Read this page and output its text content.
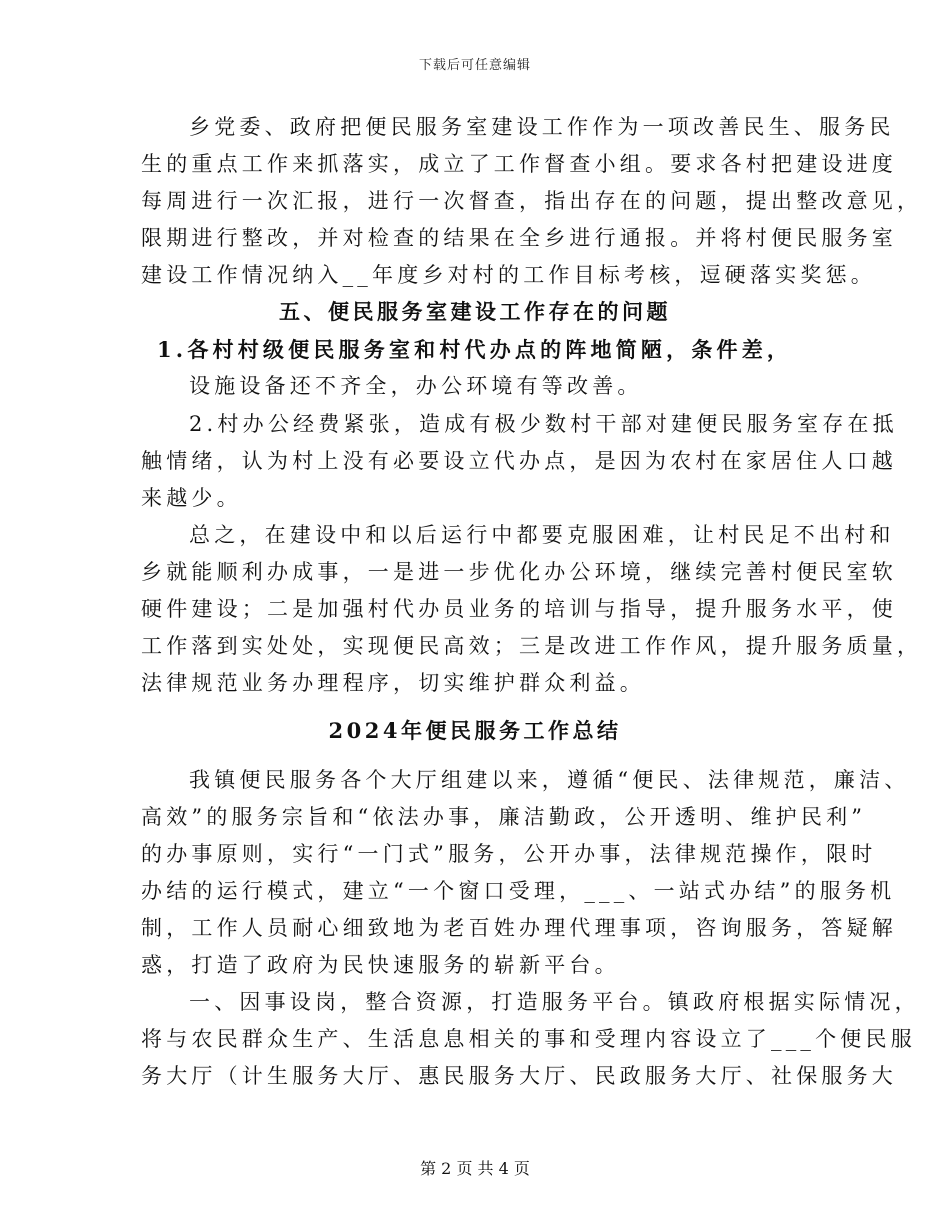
下载后可任意编辑
乡党委、政府把便民服务室建设工作作为一项改善民生、服务民
生的重点工作来抓落实，成立了工作督查小组。要求各村把建设进度
每周进行一次汇报，进行一次督查，指出存在的问题，提出整改意见，
限期进行整改，并对检查的结果在全乡进行通报。并将村便民服务室
建设工作情况纳入__年度乡对村的工作目标考核，逗硬落实奖惩。
五、便民服务室建设工作存在的问题
1.各村村级便民服务室和村代办点的阵地简陋，条件差，
设施设备还不齐全，办公环境有等改善。
2.村办公经费紧张，造成有极少数村干部对建便民服务室存在抵
触情绪，认为村上没有必要设立代办点，是因为农村在家居住人口越
来越少。
总之，在建设中和以后运行中都要克服困难，让村民足不出村和
乡就能顺利办成事，一是进一步优化办公环境，继续完善村便民室软
硬件建设；二是加强村代办员业务的培训与指导，提升服务水平，使
工作落到实处处，实现便民高效；三是改进工作作风，提升服务质量，
法律规范业务办理程序，切实维护群众利益。
2024年便民服务工作总结
我镇便民服务各个大厅组建以来，遵循“便民、法律规范，廉洁、
高效”的服务宗旨和“依法办事，廉洁勤政，公开透明、维护民利”
的办事原则，实行“一门式”服务，公开办事，法律规范操作，限时
办结的运行模式，建立“一个窗口受理，___、一站式办结”的服务机
制，工作人员耐心细致地为老百姓办理代理事项，咨询服务，答疑解
惑，打造了政府为民快速服务的崭新平台。
一、因事设岗，整合资源，打造服务平台。镇政府根据实际情况，
将与农民群众生产、生活息息相关的事和受理内容设立了___个便民服
务大厅（计生服务大厅、惠民服务大厅、民政服务大厅、社保服务大
第 2 页 共 4 页
